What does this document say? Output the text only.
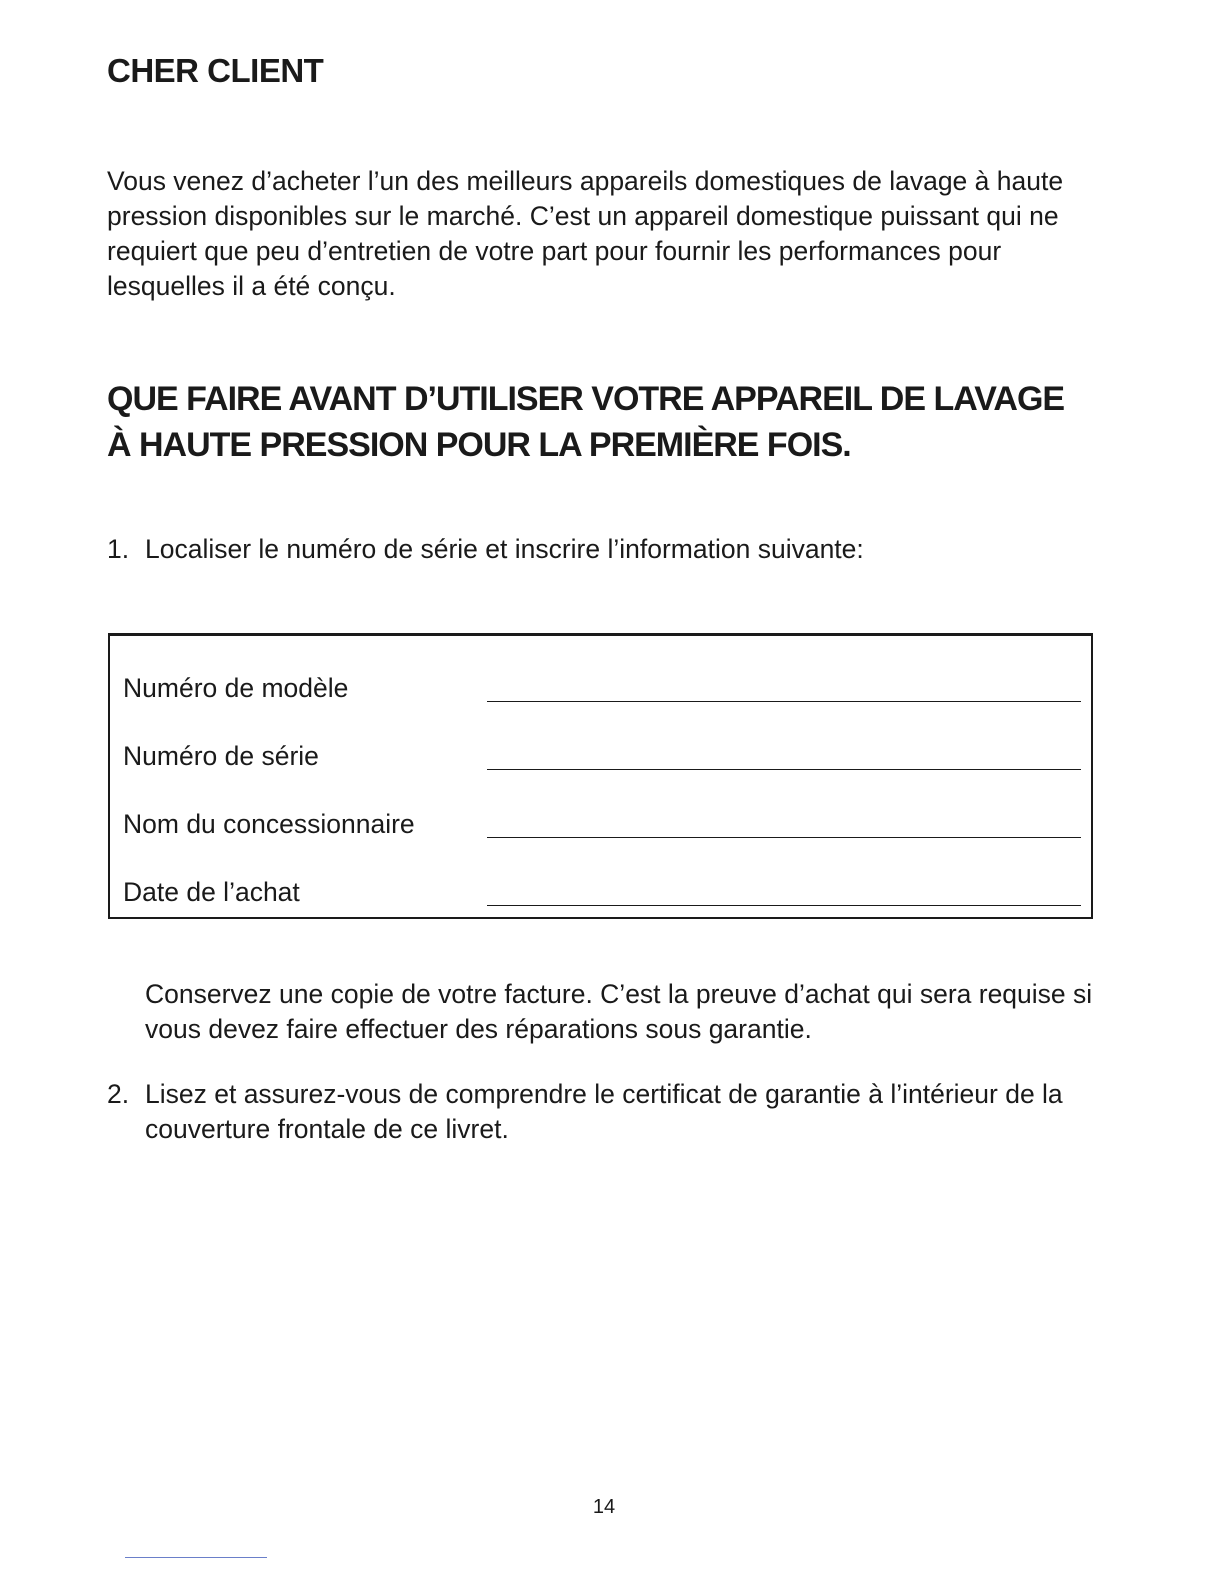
CHER CLIENT

Vous venez d’acheter l’un des meilleurs appareils domestiques de lavage à haute pression disponibles sur le marché. C’est un appareil domestique puissant qui ne requiert que peu d’entretien de votre part pour fournir les performances pour lesquelles il a été conçu.

QUE FAIRE AVANT D’UTILISER VOTRE APPAREIL DE LAVAGE
À HAUTE PRESSION POUR LA PREMIÈRE FOIS.

1. Localiser le numéro de série et inscrire l’information suivante:

Numéro de modèle
Numéro de série
Nom du concessionnaire
Date de l’achat

Conservez une copie de votre facture. C’est la preuve d’achat qui sera requise si vous devez faire effectuer des réparations sous garantie.

2. Lisez et assurez-vous de comprendre le certificat de garantie à l’intérieur de la
couverture frontale de ce livret.

14
